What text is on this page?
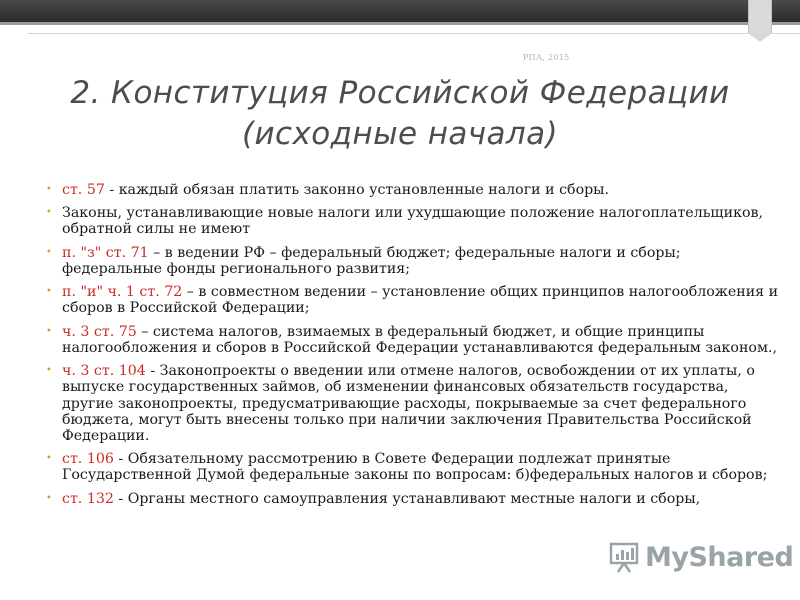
РПА, 2015
2. Конституция Российской Федерации (исходные начала)
• ст. 57 - каждый обязан платить законно установленные налоги и сборы.
• Законы, устанавливающие новые налоги или ухудшающие положение налогоплательщиков, обратной силы не имеют
• п. "з" ст. 71 – в ведении РФ – федеральный бюджет; федеральные налоги и сборы; федеральные фонды регионального развития;
• п. "и" ч. 1 ст. 72 – в совместном ведении – установление общих принципов налогообложения и сборов в Российской Федерации;
• ч. 3 ст. 75 – система налогов, взимаемых в федеральный бюджет, и общие принципы налогообложения и сборов в Российской Федерации устанавливаются федеральным законом.,
• ч. 3 ст. 104 - Законопроекты о введении или отмене налогов, освобождении от их уплаты, о выпуске государственных займов, об изменении финансовых обязательств государства, другие законопроекты, предусматривающие расходы, покрываемые за счет федерального бюджета, могут быть внесены только при наличии заключения Правительства Российской Федерации.
• ст. 106 - Обязательному рассмотрению в Совете Федерации подлежат принятые Государственной Думой федеральные законы по вопросам: б)федеральных налогов и сборов;
• ст. 132 - Органы местного самоуправления устанавливают местные налоги и сборы,
MyShared
